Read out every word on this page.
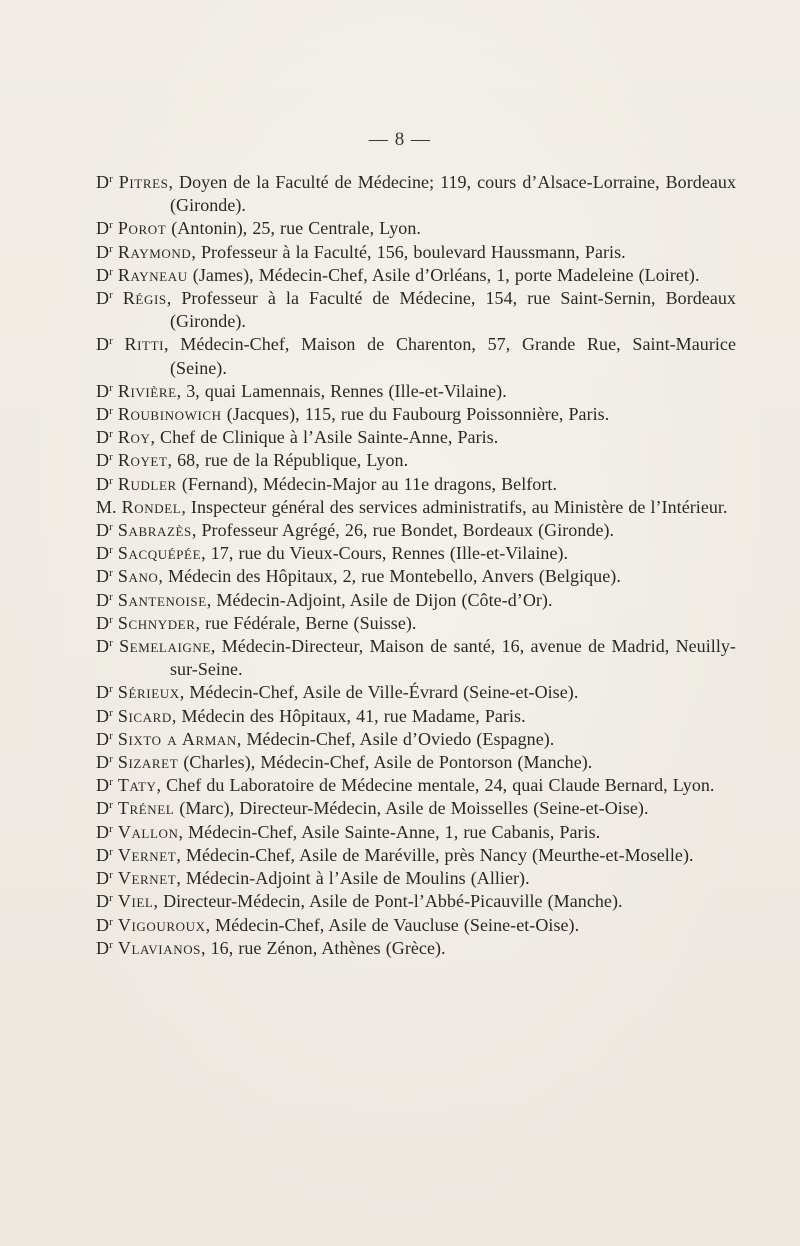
— 8 —
$D^r$ Pitres, Doyen de la Faculté de Médecine; 119, cours d’Alsace-Lorraine, Bordeaux (Gironde).
$D^r$ Porot (Antonin), 25, rue Centrale, Lyon.
$D^r$ Raymond, Professeur à la Faculté, 156, boulevard Haussmann, Paris.
$D^r$ Rayneau (James), Médecin-Chef, Asile d’Orléans, 1, porte Madeleine (Loiret).
$D^r$ Régis, Professeur à la Faculté de Médecine, 154, rue Saint-Sernin, Bordeaux (Gironde).
$D^r$ Ritti, Médecin-Chef, Maison de Charenton, 57, Grande Rue, Saint-Maurice (Seine).
$D^r$ Rivière, 3, quai Lamennais, Rennes (Ille-et-Vilaine).
$D^r$ Roubinowich (Jacques), 115, rue du Faubourg Poissonnière, Paris.
$D^r$ Roy, Chef de Clinique à l’Asile Sainte-Anne, Paris.
$D^r$ Royet, 68, rue de la République, Lyon.
$D^r$ Rudler (Fernand), Médecin-Major au 11e dragons, Belfort.
M. Rondel, Inspecteur général des services administratifs, au Ministère de l’Intérieur.
$D^r$ Sabrazès, Professeur Agrégé, 26, rue Bondet, Bordeaux (Gironde).
$D^r$ Sacquépée, 17, rue du Vieux-Cours, Rennes (Ille-et-Vilaine).
$D^r$ Sano, Médecin des Hôpitaux, 2, rue Montebello, Anvers (Belgique).
$D^r$ Santenoise, Médecin-Adjoint, Asile de Dijon (Côte-d’Or).
$D^r$ Schnyder, rue Fédérale, Berne (Suisse).
$D^r$ Semelaigne, Médecin-Directeur, Maison de santé, 16, avenue de Madrid, Neuilly-sur-Seine.
$D^r$ Sérieux, Médecin-Chef, Asile de Ville-Évrard (Seine-et-Oise).
$D^r$ Sicard, Médecin des Hôpitaux, 41, rue Madame, Paris.
$D^r$ Sixto a Arman, Médecin-Chef, Asile d’Oviedo (Espagne).
$D^r$ Sizaret (Charles), Médecin-Chef, Asile de Pontorson (Manche).
$D^r$ Taty, Chef du Laboratoire de Médecine mentale, 24, quai Claude Bernard, Lyon.
$D^r$ Trénel (Marc), Directeur-Médecin, Asile de Moisselles (Seine-et-Oise).
$D^r$ Vallon, Médecin-Chef, Asile Sainte-Anne, 1, rue Cabanis, Paris.
$D^r$ Vernet, Médecin-Chef, Asile de Maréville, près Nancy (Meurthe-et-Moselle).
$D^r$ Vernet, Médecin-Adjoint à l’Asile de Moulins (Allier).
$D^r$ Viel, Directeur-Médecin, Asile de Pont-l’Abbé-Picauville (Manche).
$D^r$ Vigouroux, Médecin-Chef, Asile de Vaucluse (Seine-et-Oise).
$D^r$ Vlavianos, 16, rue Zénon, Athènes (Grèce).
